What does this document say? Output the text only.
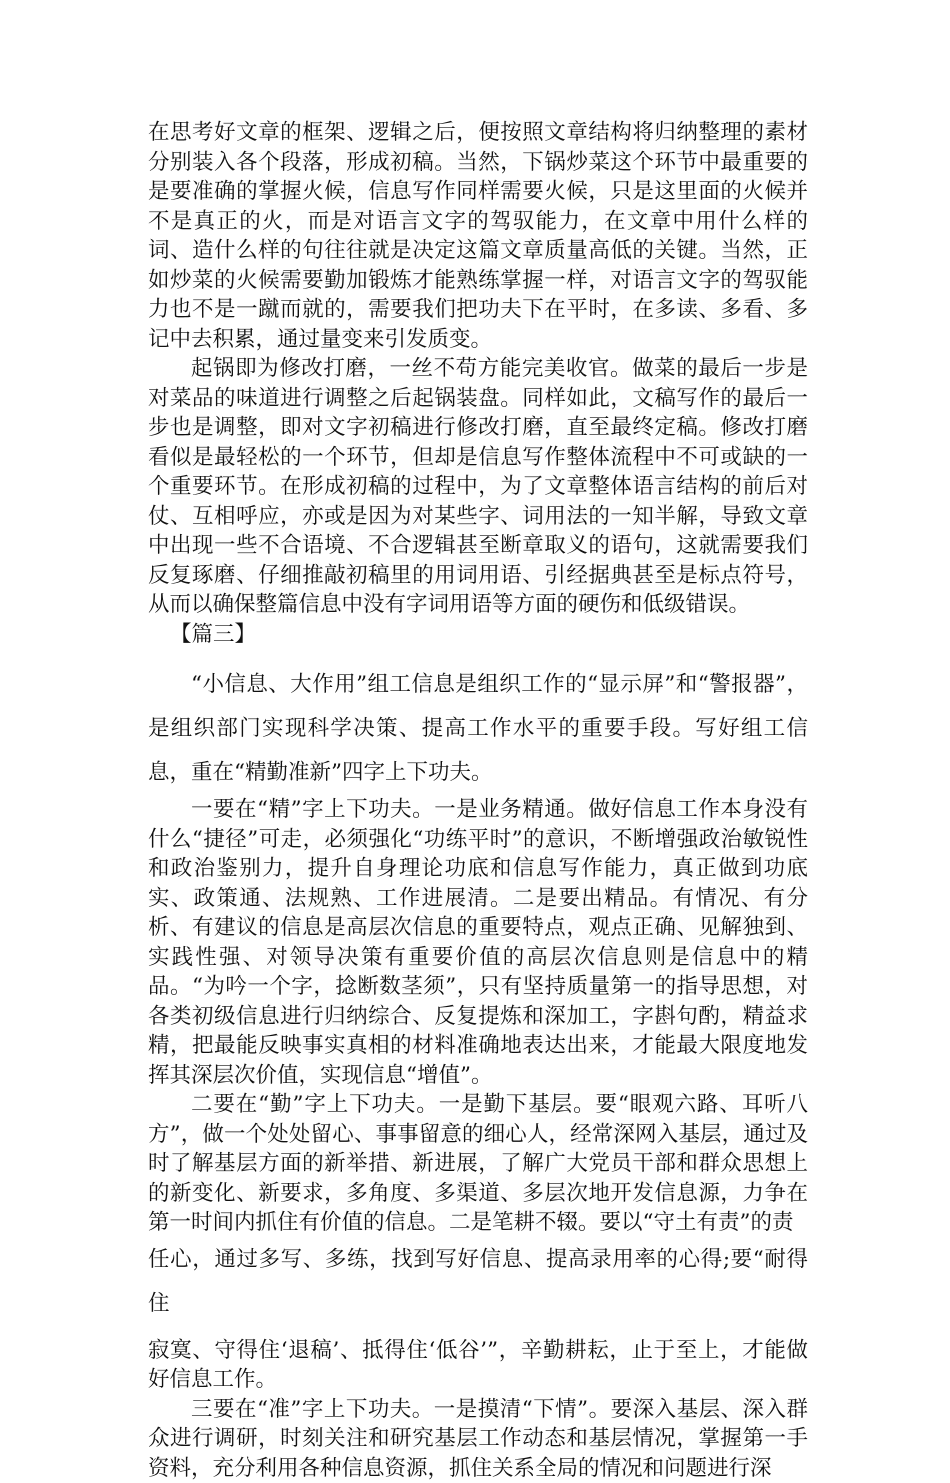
在思考好文章的框架、逻辑之后，便按照文章结构将归纳整理的素材分别装入各个段落，形成初稿。当然，下锅炒菜这个环节中最重要的是要准确的掌握火候，信息写作同样需要火候，只是这里面的火候并不是真正的火，而是对语言文字的驾驭能力，在文章中用什么样的词、造什么样的句往往就是决定这篇文章质量高低的关键。当然，正如炒菜的火候需要勤加锻炼才能熟练掌握一样，对语言文字的驾驭能力也不是一蹴而就的，需要我们把功夫下在平时，在多读、多看、多记中去积累，通过量变来引发质变。

起锅即为修改打磨，一丝不苟方能完美收官。做菜的最后一步是对菜品的味道进行调整之后起锅装盘。同样如此，文稿写作的最后一步也是调整，即对文字初稿进行修改打磨，直至最终定稿。修改打磨看似是最轻松的一个环节，但却是信息写作整体流程中不可或缺的一个重要环节。在形成初稿的过程中，为了文章整体语言结构的前后对仗、互相呼应，亦或是因为对某些字、词用法的一知半解，导致文章中出现一些不合语境、不合逻辑甚至断章取义的语句，这就需要我们反复琢磨、仔细推敲初稿里的用词用语、引经据典甚至是标点符号，从而以确保整篇信息中没有字词用语等方面的硬伤和低级错误。

【篇三】

“小信息、大作用”组工信息是组织工作的“显示屏”和“警报器”，是组织部门实现科学决策、提高工作水平的重要手段。写好组工信息，重在“精勤准新”四字上下功夫。

一要在“精”字上下功夫。一是业务精通。做好信息工作本身没有什么“捷径”可走，必须强化“功练平时”的意识，不断增强政治敏锐性和政治鉴别力，提升自身理论功底和信息写作能力，真正做到功底实、政策通、法规熟、工作进展清。二是要出精品。有情况、有分析、有建议的信息是高层次信息的重要特点，观点正确、见解独到、实践性强、对领导决策有重要价值的高层次信息则是信息中的精品。“为吟一个字，捻断数茎须”，只有坚持质量第一的指导思想，对各类初级信息进行归纳综合、反复提炼和深加工，字斟句酌，精益求精，把最能反映事实真相的材料准确地表达出来，才能最大限度地发挥其深层次价值，实现信息“增值”。

二要在“勤”字上下功夫。一是勤下基层。要“眼观六路、耳听八方”，做一个处处留心、事事留意的细心人，经常深网入基层，通过及时了解基层方面的新举措、新进展，了解广大党员干部和群众思想上的新变化、新要求，多角度、多渠道、多层次地开发信息源，力争在第一时间内抓住有价值的信息。二是笔耕不辍。要以“守土有责”的责
任心，通过多写、多练，找到写好信息、提高录用率的心得;要“耐得住
寂寞、守得住‘退稿’、抵得住‘低谷’”，辛勤耕耘，止于至上，才能做好信息工作。

三要在“准”字上下功夫。一是摸清“下情”。要深入基层、深入群众进行调研，时刻关注和研究基层工作动态和基层情况，掌握第一手资料，充分利用各种信息资源，抓住关系全局的情况和问题进行深
